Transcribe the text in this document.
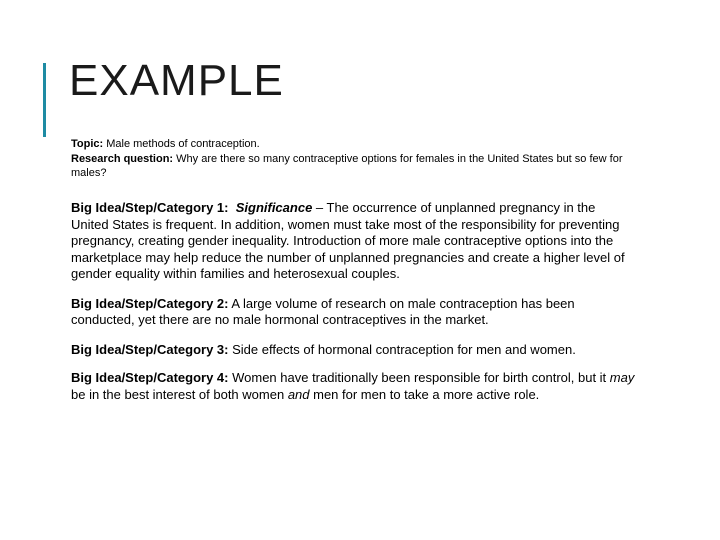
EXAMPLE

Topic: Male methods of contraception.

Research question: Why are there so many contraceptive options for females in the United States but so few for males?

Big Idea/Step/Category 1: Significance – The occurrence of unplanned pregnancy in the United States is frequent. In addition, women must take most of the responsibility for preventing pregnancy, creating gender inequality. Introduction of more male contraceptive options into the marketplace may help reduce the number of unplanned pregnancies and create a higher level of gender equality within families and heterosexual couples.

Big Idea/Step/Category 2: A large volume of research on male contraception has been conducted, yet there are no male hormonal contraceptives in the market.

Big Idea/Step/Category 3: Side effects of hormonal contraception for men and women.

Big Idea/Step/Category 4: Women have traditionally been responsible for birth control, but it may be in the best interest of both women and men for men to take a more active role.
